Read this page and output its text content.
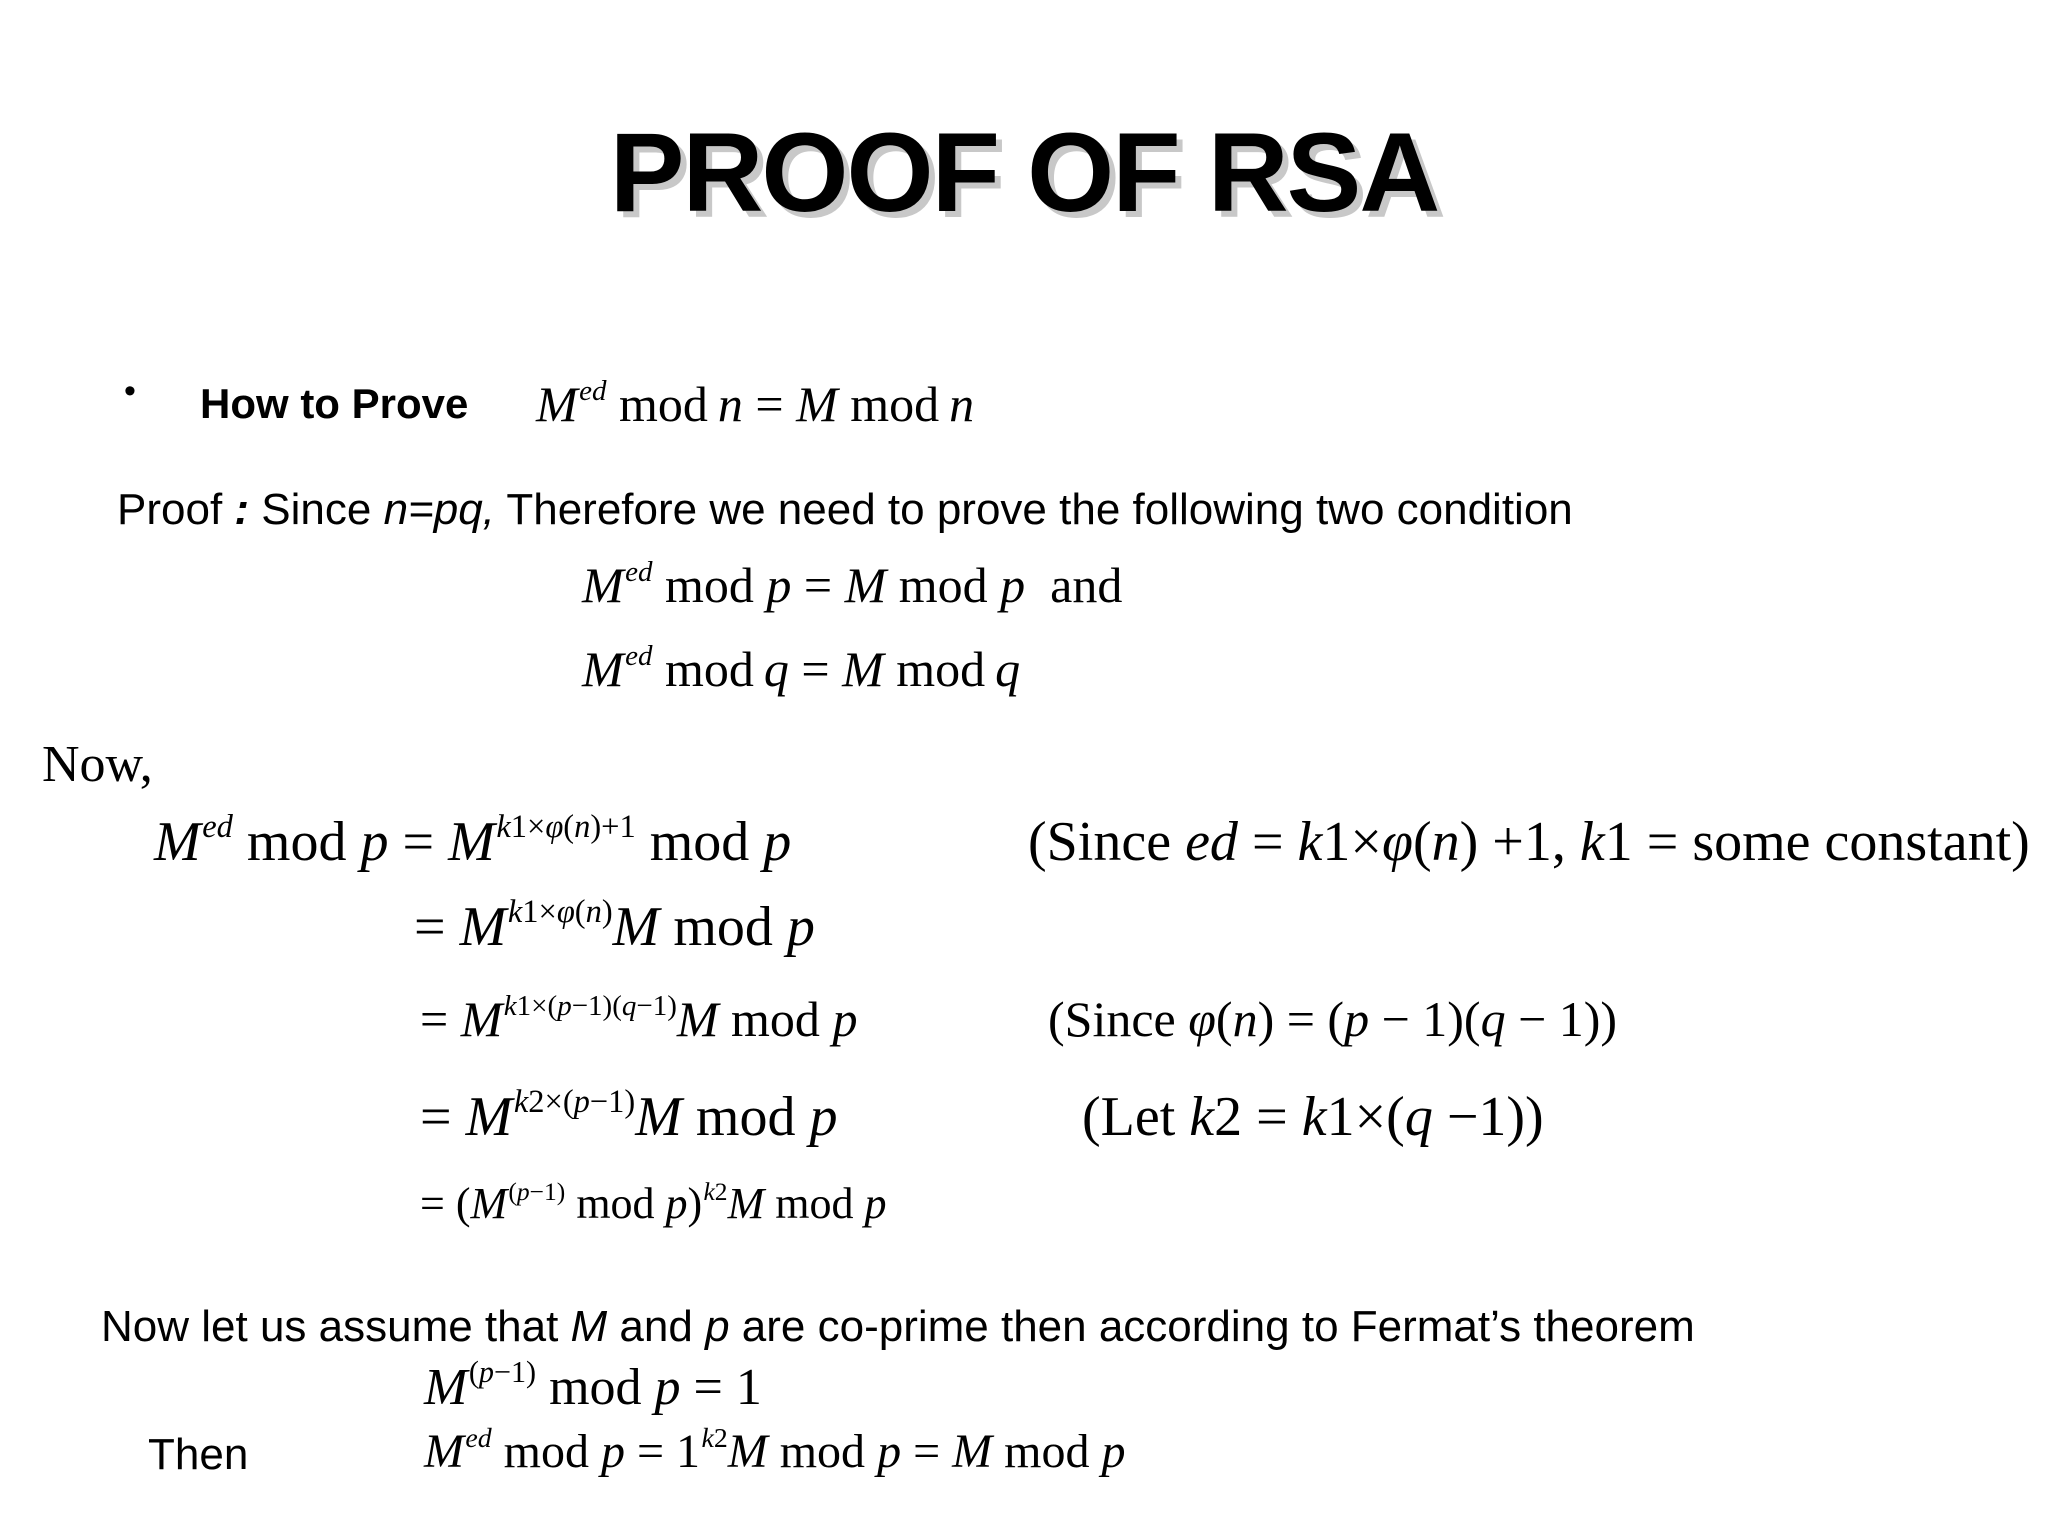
PROOF OF RSA
• How to Prove $M^{ed}$ mod  n = M mod  n
Proof : Since n=pq, Therefore we need to prove the following two condition
$M^{ed}$ mod p = M mod p and
$M^{ed}$ mod  q = M mod  q
Now,
$M^{ed}$ mod $p = M^{k1\times\varphi(n)+1}$ mod p	(Since ed = k1×φ(n) +1, k1 = some constant)
= $M^{k1\times\varphi(n)}M$ mod p
= $M^{k1\times(p-1)(q-1)}M$ mod p	(Since φ(n) = (p − 1)(q − 1))
= $M^{k2\times(p-1)}M$ mod p	(Let k2 = k1×(q −1))
= ($M^{(p-1)}$ mod p)$^{k2}$M mod p
Now let us assume that M and p are co-prime then according to Fermat’s theorem
$M^{(p-1)}$ mod p = 1
Then	$M^{ed}$ mod $p = 1^{k2}M$ mod p = M mod p
